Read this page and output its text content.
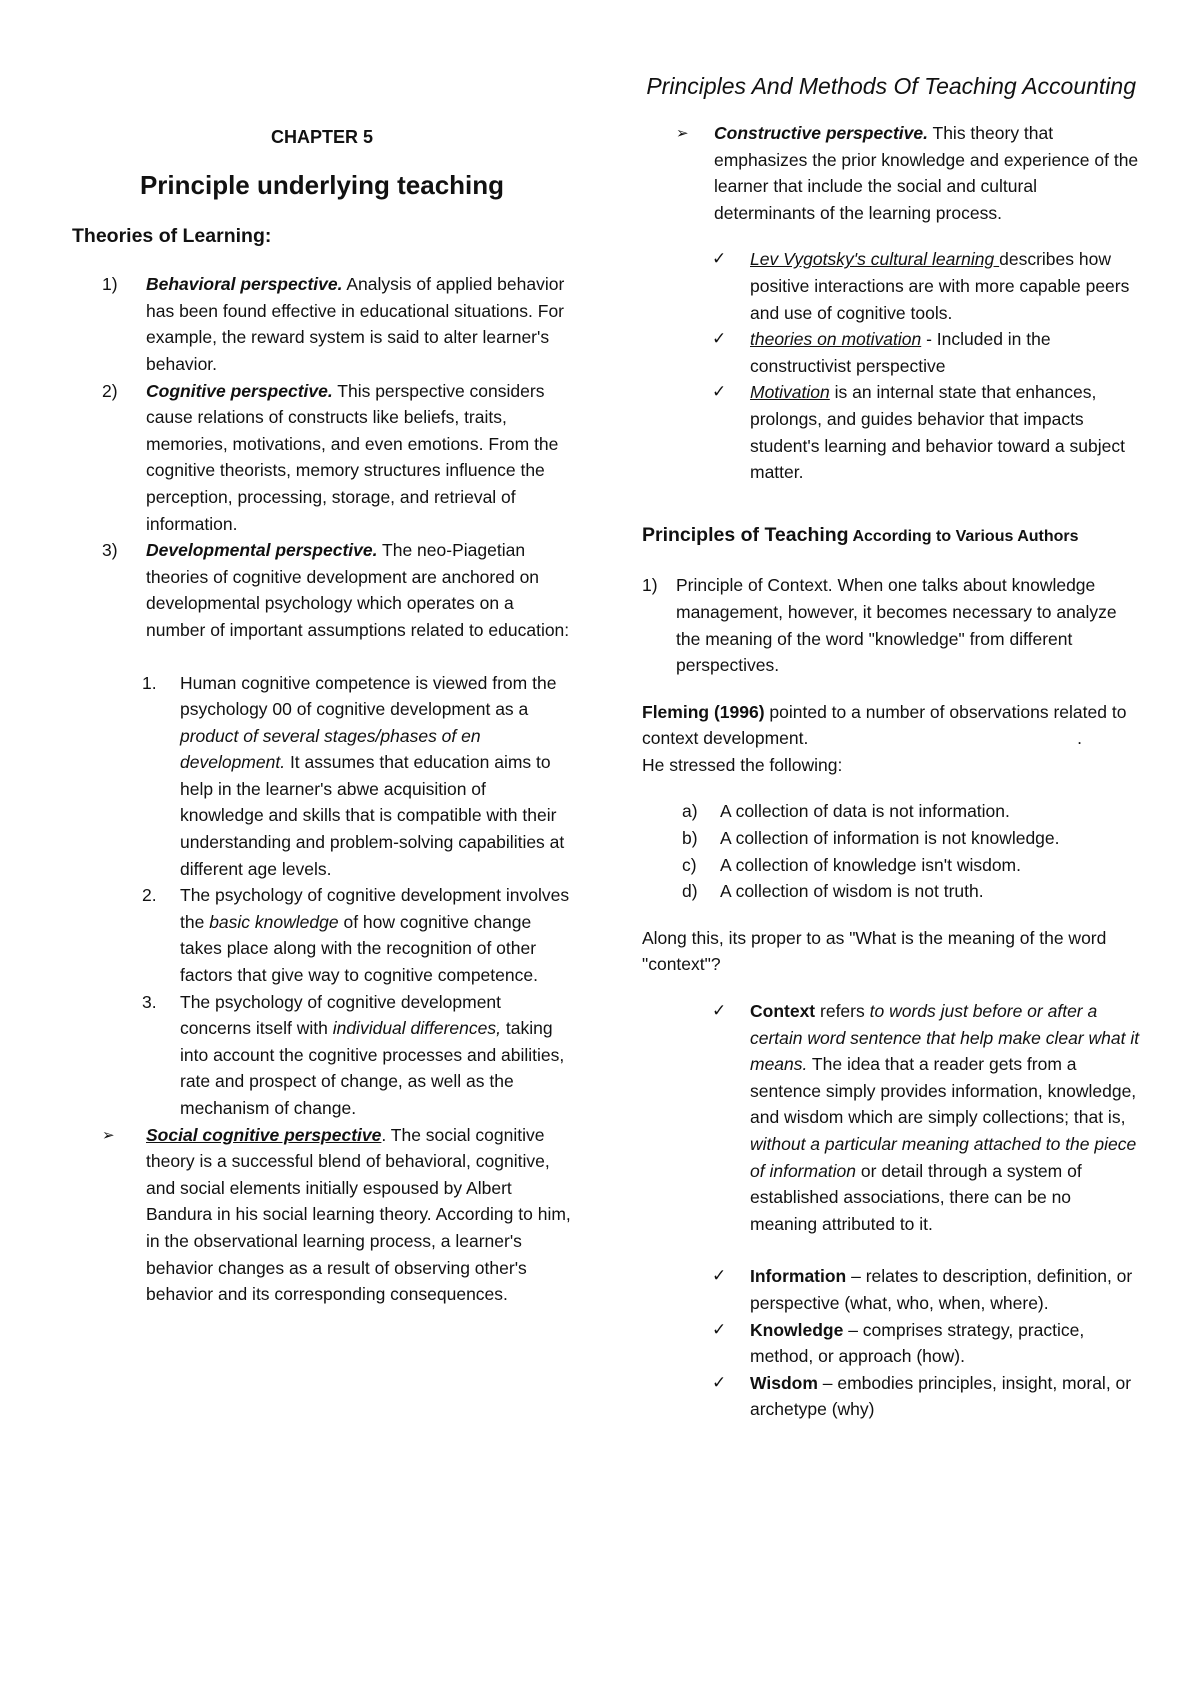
Principles And Methods Of Teaching Accounting
CHAPTER 5
Principle underlying teaching
Theories of Learning:
1) Behavioral perspective. Analysis of applied behavior has been found effective in educational situations. For example, the reward system is said to alter learner's behavior.
2) Cognitive perspective. This perspective considers cause relations of constructs like beliefs, traits, memories, motivations, and even emotions. From the cognitive theorists, memory structures influence the perception, processing, storage, and retrieval of information.
3) Developmental perspective. The neo-Piagetian theories of cognitive development are anchored on developmental psychology which operates on a number of important assumptions related to education:
1. Human cognitive competence is viewed from the psychology 00 of cognitive development as a product of several stages/phases of en development. It assumes that education aims to help in the learner's abwe acquisition of knowledge and skills that is compatible with their understanding and problem-solving capabilities at different age levels.
2. The psychology of cognitive development involves the basic knowledge of how cognitive change takes place along with the recognition of other factors that give way to cognitive competence.
3. The psychology of cognitive development concerns itself with individual differences, taking into account the cognitive processes and abilities, rate and prospect of change, as well as the mechanism of change.
➢ Social cognitive perspective. The social cognitive theory is a successful blend of behavioral, cognitive, and social elements initially espoused by Albert Bandura in his social learning theory. According to him, in the observational learning process, a learner's behavior changes as a result of observing other's behavior and its corresponding consequences.
➢ Constructive perspective. This theory that emphasizes the prior knowledge and experience of the learner that include the social and cultural determinants of the learning process.
✓ Lev Vygotsky's cultural learning describes how positive interactions are with more capable peers and use of cognitive tools.
✓ theories on motivation - Included in the constructivist perspective
✓ Motivation is an internal state that enhances, prolongs, and guides behavior that impacts student's learning and behavior toward a subject matter.
Principles of Teaching According to Various Authors
1) Principle of Context. When one talks about knowledge management, however, it becomes necessary to analyze the meaning of the word "knowledge" from different perspectives.
Fleming (1996) pointed to a number of observations related to context development.	.

He stressed the following:
a) A collection of data is not information.
b) A collection of information is not knowledge.
c) A collection of knowledge isn't wisdom.
d) A collection of wisdom is not truth.
Along this, its proper to as "What is the meaning of the word "context"?
✓ Context refers to words just before or after a certain word sentence that help make clear what it means. The idea that a reader gets from a sentence simply provides information, knowledge, and wisdom which are simply collections; that is, without a particular meaning attached to the piece of information or detail through a system of established associations, there can be no meaning attributed to it.
✓ Information – relates to description, definition, or perspective (what, who, when, where).
✓ Knowledge – comprises strategy, practice, method, or approach (how).
✓ Wisdom – embodies principles, insight, moral, or archetype (why)
